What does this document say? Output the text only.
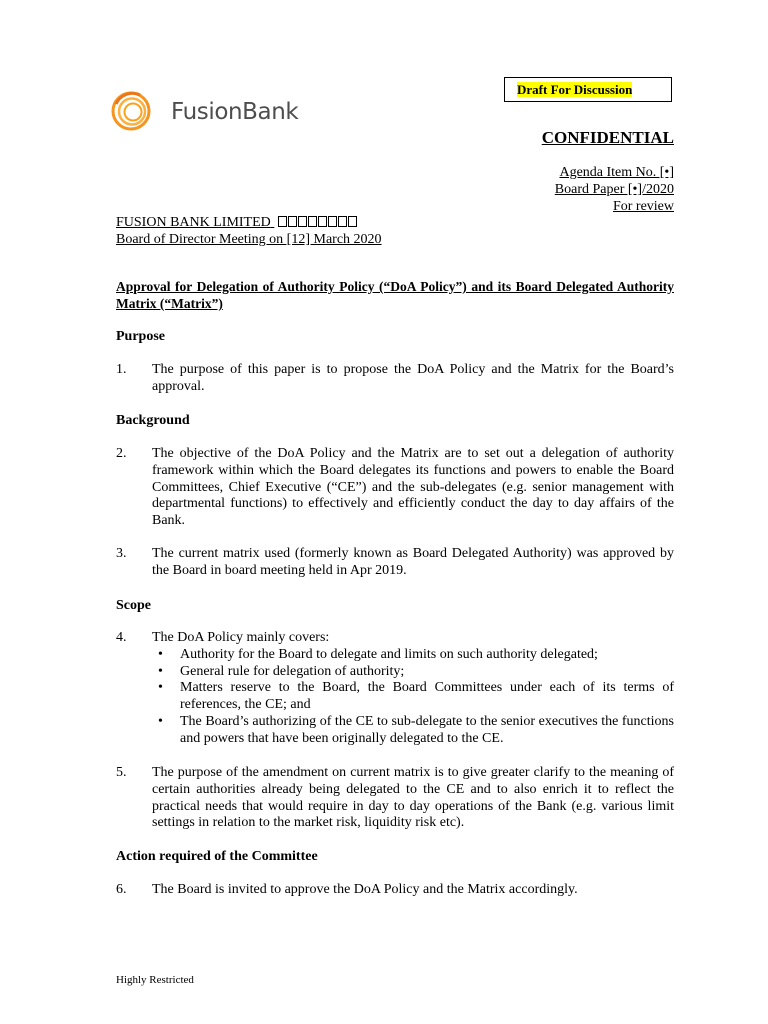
Draft For Discussion
FusionBank
CONFIDENTIAL
Agenda Item No. [•]
Board Paper [•]/2020
For review
FUSION BANK LIMITED
Board of Director Meeting on [12] March 2020
Approval for Delegation of Authority Policy (“DoA Policy”) and its Board Delegated Authority Matrix (“Matrix”)
Purpose
1. The purpose of this paper is to propose the DoA Policy and the Matrix for the Board’s approval.
Background
2. The objective of the DoA Policy and the Matrix are to set out a delegation of authority framework within which the Board delegates its functions and powers to enable the Board Committees, Chief Executive (“CE”) and the sub-delegates (e.g. senior management with departmental functions) to effectively and efficiently conduct the day to day affairs of the Bank.
3. The current matrix used (formerly known as Board Delegated Authority) was approved by the Board in board meeting held in Apr 2019.
Scope
4. The DoA Policy mainly covers:
• Authority for the Board to delegate and limits on such authority delegated;
• General rule for delegation of authority;
• Matters reserve to the Board, the Board Committees under each of its terms of references, the CE; and
• The Board’s authorizing of the CE to sub-delegate to the senior executives the functions and powers that have been originally delegated to the CE.
5. The purpose of the amendment on current matrix is to give greater clarify to the meaning of certain authorities already being delegated to the CE and to also enrich it to reflect the practical needs that would require in day to day operations of the Bank (e.g. various limit settings in relation to the market risk, liquidity risk etc).
Action required of the Committee
6. The Board is invited to approve the DoA Policy and the Matrix accordingly.
Highly Restricted
